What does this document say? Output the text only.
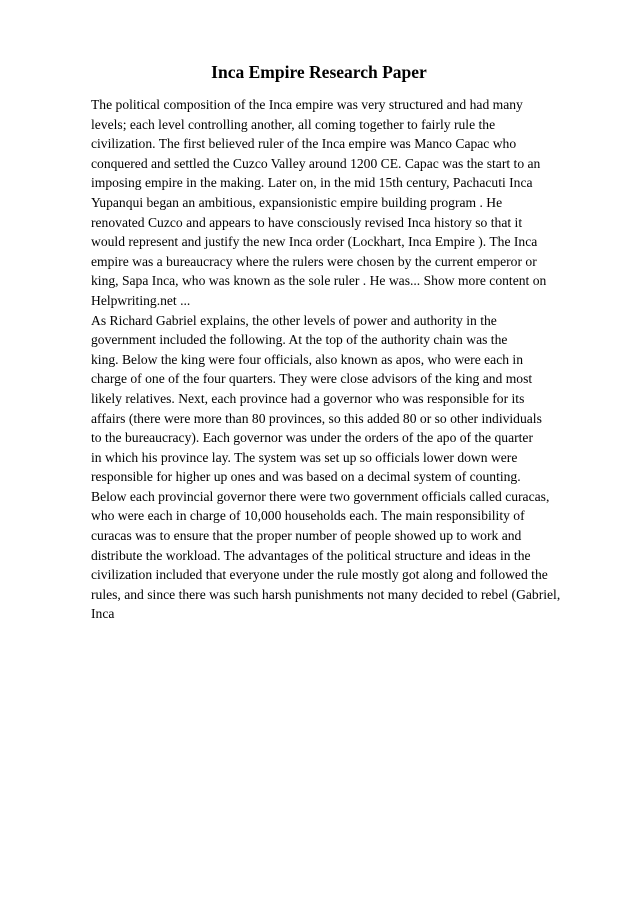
Inca Empire Research Paper
The political composition of the Inca empire was very structured and had many
levels; each level controlling another, all coming together to fairly rule the
civilization. The first believed ruler of the Inca empire was Manco Capac who
conquered and settled the Cuzco Valley around 1200 CE. Capac was the start to an
imposing empire in the making. Later on, in the mid 15th century, Pachacuti Inca
Yupanqui began an ambitious, expansionistic empire building program . He
renovated Cuzco and appears to have consciously revised Inca history so that it
would represent and justify the new Inca order (Lockhart, Inca Empire ). The Inca
empire was a bureaucracy where the rulers were chosen by the current emperor or
king, Sapa Inca, who was known as the sole ruler . He was... Show more content on
Helpwriting.net ...
As Richard Gabriel explains, the other levels of power and authority in the
government included the following. At the top of the authority chain was the
king. Below the king were four officials, also known as apos, who were each in
charge of one of the four quarters. They were close advisors of the king and most
likely relatives. Next, each province had a governor who was responsible for its
affairs (there were more than 80 provinces, so this added 80 or so other individuals
to the bureaucracy). Each governor was under the orders of the apo of the quarter
in which his province lay. The system was set up so officials lower down were
responsible for higher up ones and was based on a decimal system of counting.
Below each provincial governor there were two government officials called curacas,
who were each in charge of 10,000 households each. The main responsibility of
curacas was to ensure that the proper number of people showed up to work and
distribute the workload. The advantages of the political structure and ideas in the
civilization included that everyone under the rule mostly got along and followed the
rules, and since there was such harsh punishments not many decided to rebel (Gabriel,
Inca
